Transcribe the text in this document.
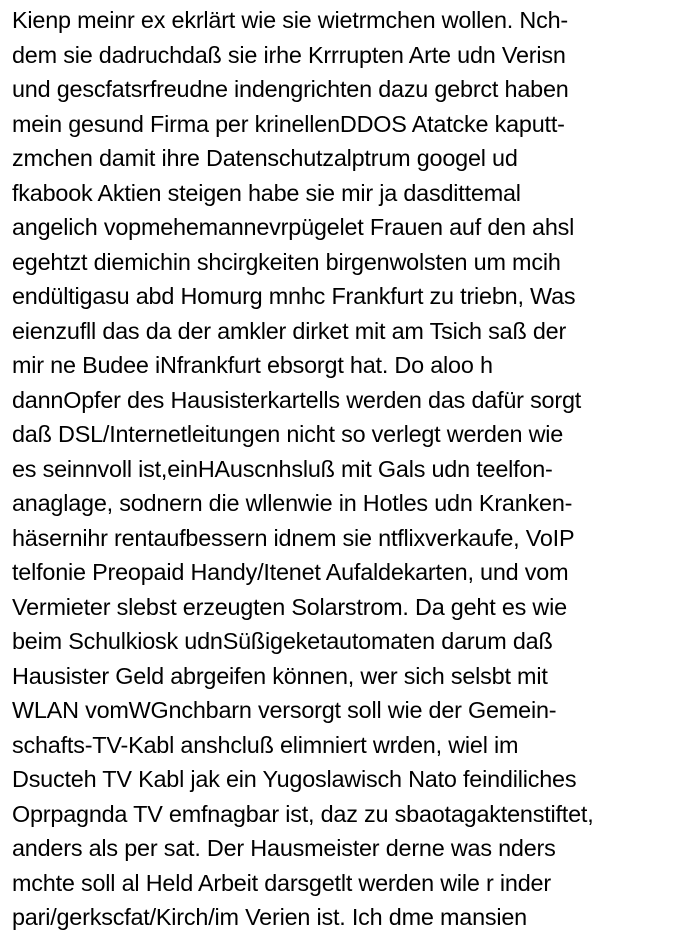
Kienp meinr ex ekrlärt wie sie wietrmchen wollen. Nch-
dem sie dadruchdaß sie irhe Krrrupten Arte udn Verisn
und gescfatsrfreudne indengrichten dazu gebrct haben
mein gesund Firma per krinellenDDOS Atatcke kaputt-
zmchen damit ihre Datenschutzalptrum googel ud
fkabook Aktien steigen habe sie mir ja dasdittemal
angelich vopmehemannevrpügelet Frauen auf den ahsl
egehtzt diemichin shcirgkeiten birgenwolsten um mcih
endültigasu abd Homurg mnhc Frankfurt zu triebn, Was
eienzufll das da der amkler dirket mit am Tsich saß der
mir ne Budee iNfrankfurt ebsorgt hat. Do aloo h
dannOpfer des Hausisterkartells werden das dafür sorgt
daß DSL/Internetleitungen nicht so verlegt werden wie
es seinnvoll ist,einHAuscnhsluß mit Gals udn teelfon-
anaglage, sodnern die wllenwie in Hotles udn Kranken-
häsernihr rentaufbessern idnem sie ntflixverkaufe, VoIP
telfonie Preopaid Handy/Itenet Aufaldekarten, und vom
Vermieter slebst erzeugten Solarstrom. Da geht es wie
beim Schulkiosk udnSüßigeketautomaten darum daß
Hausister Geld abrgeifen können, wer sich selsbt mit
WLAN vomWGnchbarn versorgt soll wie der Gemein-
schafts-TV-Kabl anshcluß elimniert wrden, wiel im
Dsucteh TV Kabl jak ein Yugoslawisch Nato feindiliches
Oprpagnda TV emfnagbar ist, daz zu sbaotagaktenstiftet,
anders als per sat. Der Hausmeister derne was nders
mchte soll al Held Arbeit darsgetlt werden wile r inder
pari/gerkscfat/Kirch/im Verien ist. Ich dme mansien
